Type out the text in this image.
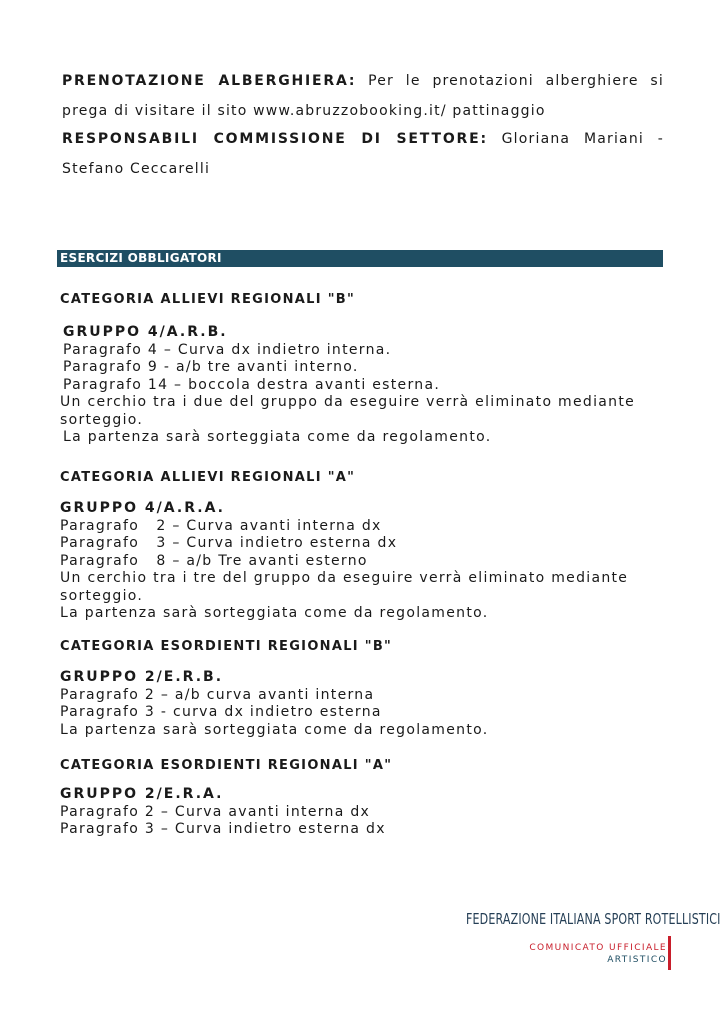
PRENOTAZIONE ALBERGHIERA: Per le prenotazioni alberghiere si prega di visitare il sito www.abruzzobooking.it/ pattinaggio
RESPONSABILI COMMISSIONE DI SETTORE: Gloriana Mariani - Stefano Ceccarelli
ESERCIZI OBBLIGATORI
CATEGORIA ALLIEVI REGIONALI "B"
GRUPPO 4/A.R.B.
Paragrafo 4 – Curva dx indietro interna.
Paragrafo 9 - a/b tre avanti interno.
Paragrafo 14 – boccola destra avanti esterna.
Un cerchio tra i due del gruppo da eseguire verrà eliminato mediante sorteggio.
La partenza sarà sorteggiata come da regolamento.
CATEGORIA ALLIEVI REGIONALI "A"
GRUPPO 4/A.R.A.
Paragrafo   2 – Curva avanti interna dx
Paragrafo   3 – Curva indietro esterna dx
Paragrafo   8 – a/b Tre avanti esterno
Un cerchio tra i tre del gruppo da eseguire verrà eliminato mediante sorteggio.
La partenza sarà sorteggiata come da regolamento.
CATEGORIA ESORDIENTI REGIONALI "B"
GRUPPO 2/E.R.B.
Paragrafo 2 – a/b curva avanti interna
Paragrafo 3 - curva dx indietro esterna
La partenza sarà sorteggiata come da regolamento.
CATEGORIA ESORDIENTI REGIONALI "A"
GRUPPO 2/E.R.A.
Paragrafo 2 – Curva avanti interna dx
Paragrafo 3 – Curva indietro esterna dx
FEDERAZIONE ITALIANA SPORT ROTELLISTICI
COMUNICATO UFFICIALE
ARTISTICO
